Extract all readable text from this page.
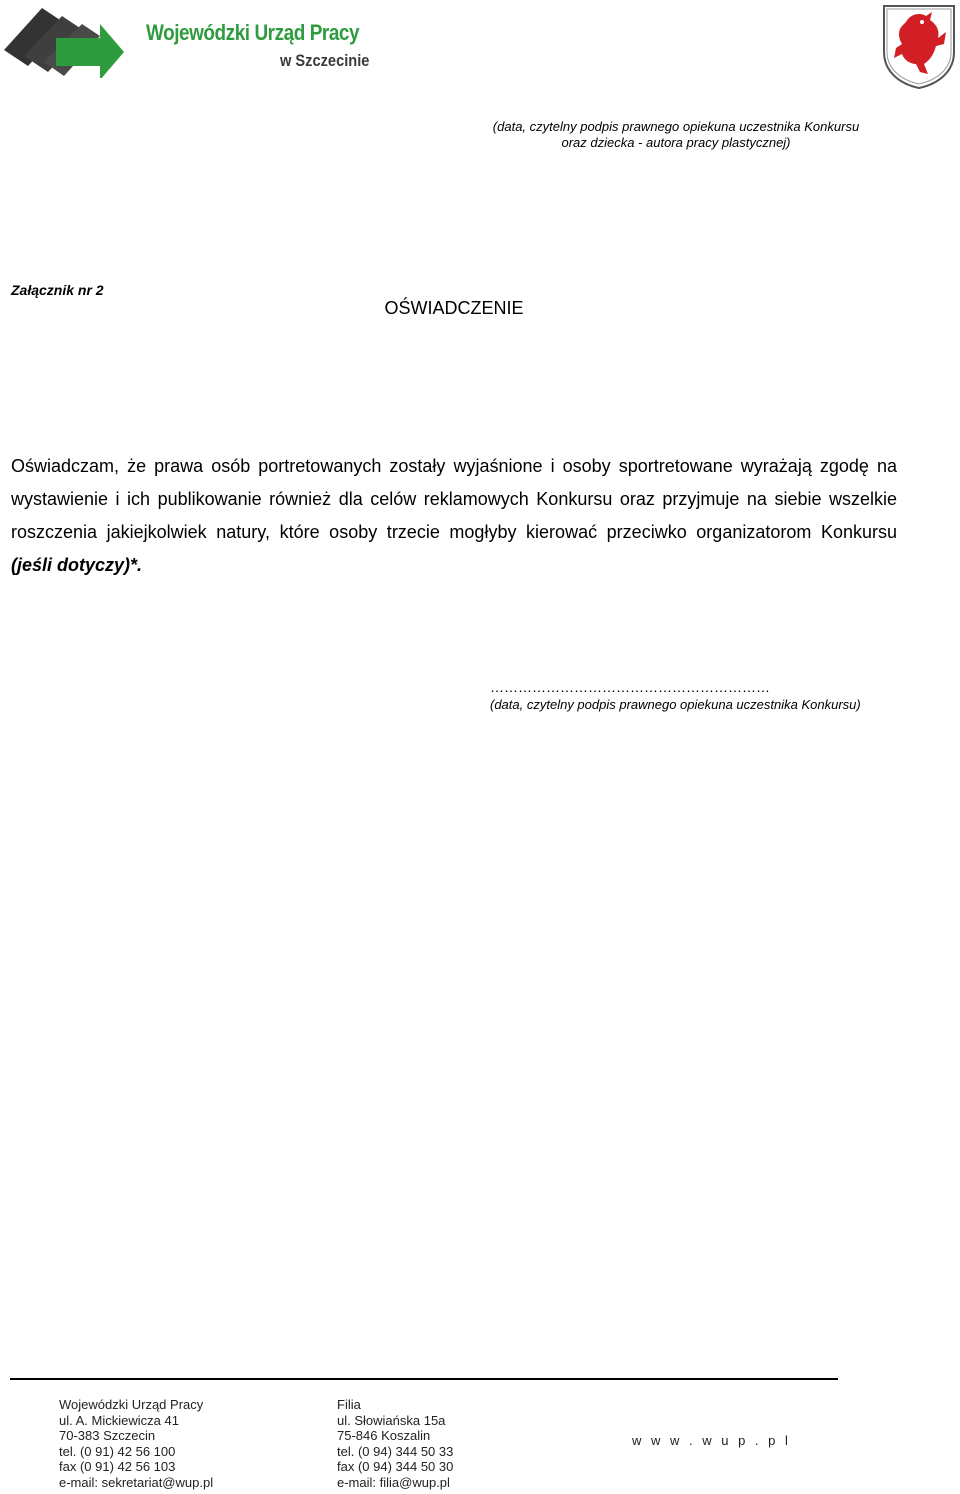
Wojewódzki Urząd Pracy
w Szczecinie
(data, czytelny podpis prawnego opiekuna uczestnika Konkursu
oraz dziecka - autora pracy plastycznej)
Załącznik nr 2
OŚWIADCZENIE
Oświadczam, że prawa osób portretowanych zostały wyjaśnione i osoby sportretowane wyrażają zgodę na wystawienie i ich publikowanie również dla celów reklamowych Konkursu oraz przyjmuje na siebie wszelkie roszczenia jakiejkolwiek natury, które osoby trzecie mogłyby kierować przeciwko organizatorom Konkursu (jeśli dotyczy)*.
……………………………………………………
(data, czytelny podpis prawnego opiekuna uczestnika Konkursu)
Wojewódzki Urząd Pracy
ul. A. Mickiewicza 41
70-383 Szczecin
tel. (0 91) 42 56 100
fax (0 91) 42 56 103
e-mail: sekretariat@wup.pl
Filia
ul. Słowiańska 15a
75-846 Koszalin
tel. (0 94) 344 50 33
fax (0 94) 344 50 30
e-mail: filia@wup.pl
w w w . w u p . p l
